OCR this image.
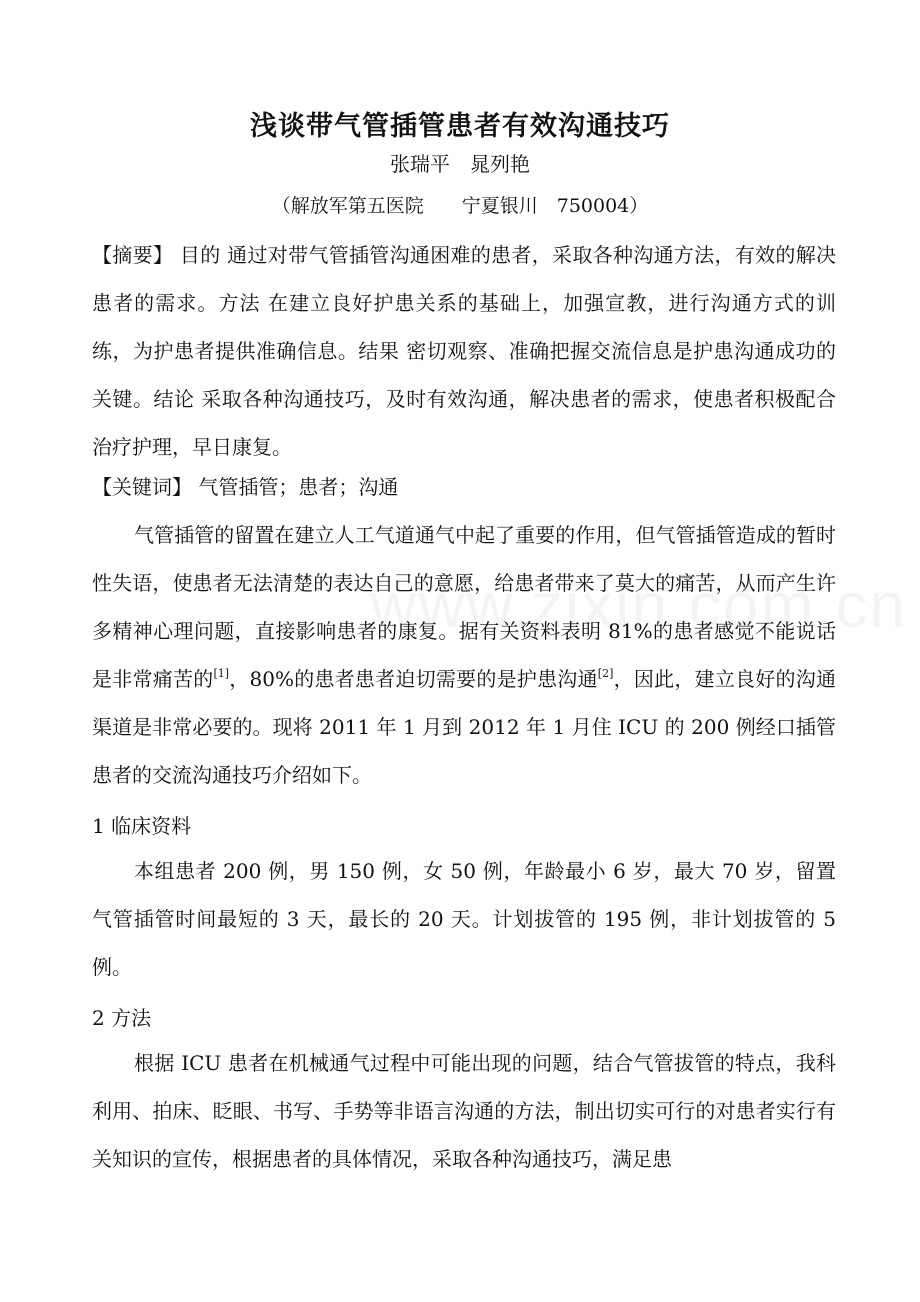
浅谈带气管插管患者有效沟通技巧
张瑞平　晁列艳
（解放军第五医院　　宁夏银川　750004）

【摘要】 目的 通过对带气管插管沟通困难的患者，采取各种沟通方法，有效的解决患者的需求。方法 在建立良好护患关系的基础上，加强宣教，进行沟通方式的训练，为护患者提供准确信息。结果 密切观察、准确把握交流信息是护患沟通成功的关键。结论 采取各种沟通技巧，及时有效沟通，解决患者的需求，使患者积极配合治疗护理，早日康复。

【关键词】 气管插管；患者；沟通

气管插管的留置在建立人工气道通气中起了重要的作用，但气管插管造成的暂时性失语，使患者无法清楚的表达自己的意愿，给患者带来了莫大的痛苦，从而产生许多精神心理问题，直接影响患者的康复。据有关资料表明 81%的患者感觉不能说话是非常痛苦的[1]，80%的患者患者迫切需要的是护患沟通[2]，因此，建立良好的沟通渠道是非常必要的。现将 2011 年 1 月到 2012 年 1 月住 ICU 的 200 例经口插管患者的交流沟通技巧介绍如下。

1 临床资料

本组患者 200 例，男 150 例，女 50 例，年龄最小 6 岁，最大 70 岁，留置气管插管时间最短的 3 天，最长的 20 天。计划拔管的 195 例，非计划拔管的 5 例。

2 方法

根据 ICU 患者在机械通气过程中可能出现的问题，结合气管拔管的特点，我科利用、拍床、眨眼、书写、手势等非语言沟通的方法，制出切实可行的对患者实行有关知识的宣传，根据患者的具体情况，采取各种沟通技巧，满足患
